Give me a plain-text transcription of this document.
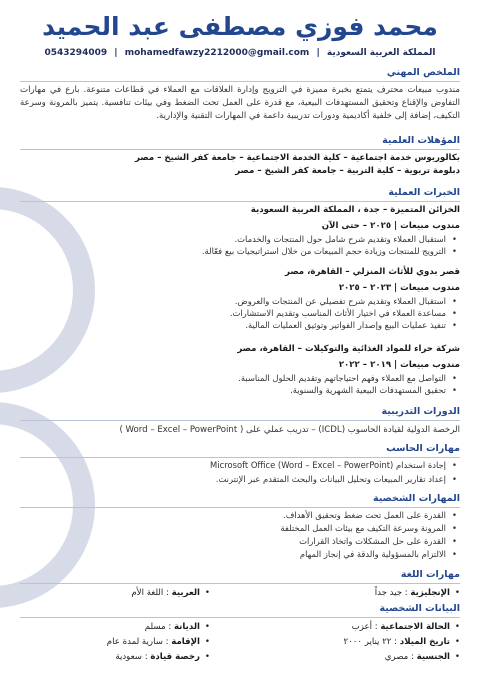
محمد فوزي مصطفى عبد الحميد
المملكة العربية السعودية | mohamedfawzy2212000@gmail.com | 0543294009
الملخص المهني
مندوب مبيعات محترف يتمتع بخبرة مميزة في الترويج وإدارة العلاقات مع العملاء في قطاعات متنوعة. بارع في مهارات التفاوض والإقناع وتحقيق المستهدفات البيعية، مع قدرة على العمل تحت الضغط وفي بيئات تنافسية. يتميز بالمرونة وسرعة التكيف، إضافة إلى خلفية أكاديمية ودورات تدريبية داعمة في المهارات التقنية والإدارية.
المؤهلات العلمية
بكالوريوس خدمة اجتماعية – كلية الخدمة الاجتماعية – جامعة كفر الشيخ – مصر
دبلومة تربوية – كلية التربية – جامعة كفر الشيخ – مصر
الخبرات العملية
الخزائن المتميزة – جدة ، المملكة العربية السعودية
مندوب مبيعات | ٢٠٢٥ – حتى الآن
• استقبال العملاء وتقديم شرح شامل حول المنتجات والخدمات.
• الترويج للمنتجات وزيادة حجم المبيعات من خلال استراتيجيات بيع فعّالة.
قصر بدوي للأثاث المنزلي – القاهرة، مصر
مندوب مبيعات | ٢٠٢٣ – ٢٠٢٥
• استقبال العملاء وتقديم شرح تفصيلي عن المنتجات والعروض.
• مساعدة العملاء في اختيار الأثاث المناسب وتقديم الاستشارات.
• تنفيذ عمليات البيع وإصدار الفواتير وتوثيق العمليات المالية.
شركة حراء للمواد الغذائية والتوكيلات – القاهرة، مصر
مندوب مبيعات | ٢٠١٩ – ٢٠٢٢
• التواصل مع العملاء وفهم احتياجاتهم وتقديم الحلول المناسبة.
• تحقيق المستهدفات البيعية الشهرية والسنوية.
الدورات التدريبية
الرخصة الدولية لقيادة الحاسوب (ICDL) – تدريب عملي على ( Word – Excel – PowerPoint )
مهارات الحاسب
• إجادة استخدام Microsoft Office (Word – Excel – PowerPoint)
• إعداد تقارير المبيعات وتحليل البيانات والبحث المتقدم عبر الإنترنت.
المهارات الشخصية
• القدرة على العمل تحت ضغط وتحقيق الأهداف.
• المرونة وسرعة التكيف مع بيئات العمل المختلفة
• القدرة على حل المشكلات واتخاذ القرارات
• الالتزام بالمسؤولية والدقة في إنجاز المهام
مهارات اللغة
•
الإنجليزية : جيد جداً
•
العربية : اللغة الأم
البيانات الشخصية
•
الحالة الاجتماعية : أعزب
•
الديانة : مسلم
•
تاريخ الميلاد : ٢٢ يناير ٢٠٠٠
•
الإقامة : سارية لمدة عام
•
الجنسية : مصري
•
رخصة قيادة : سعودية
